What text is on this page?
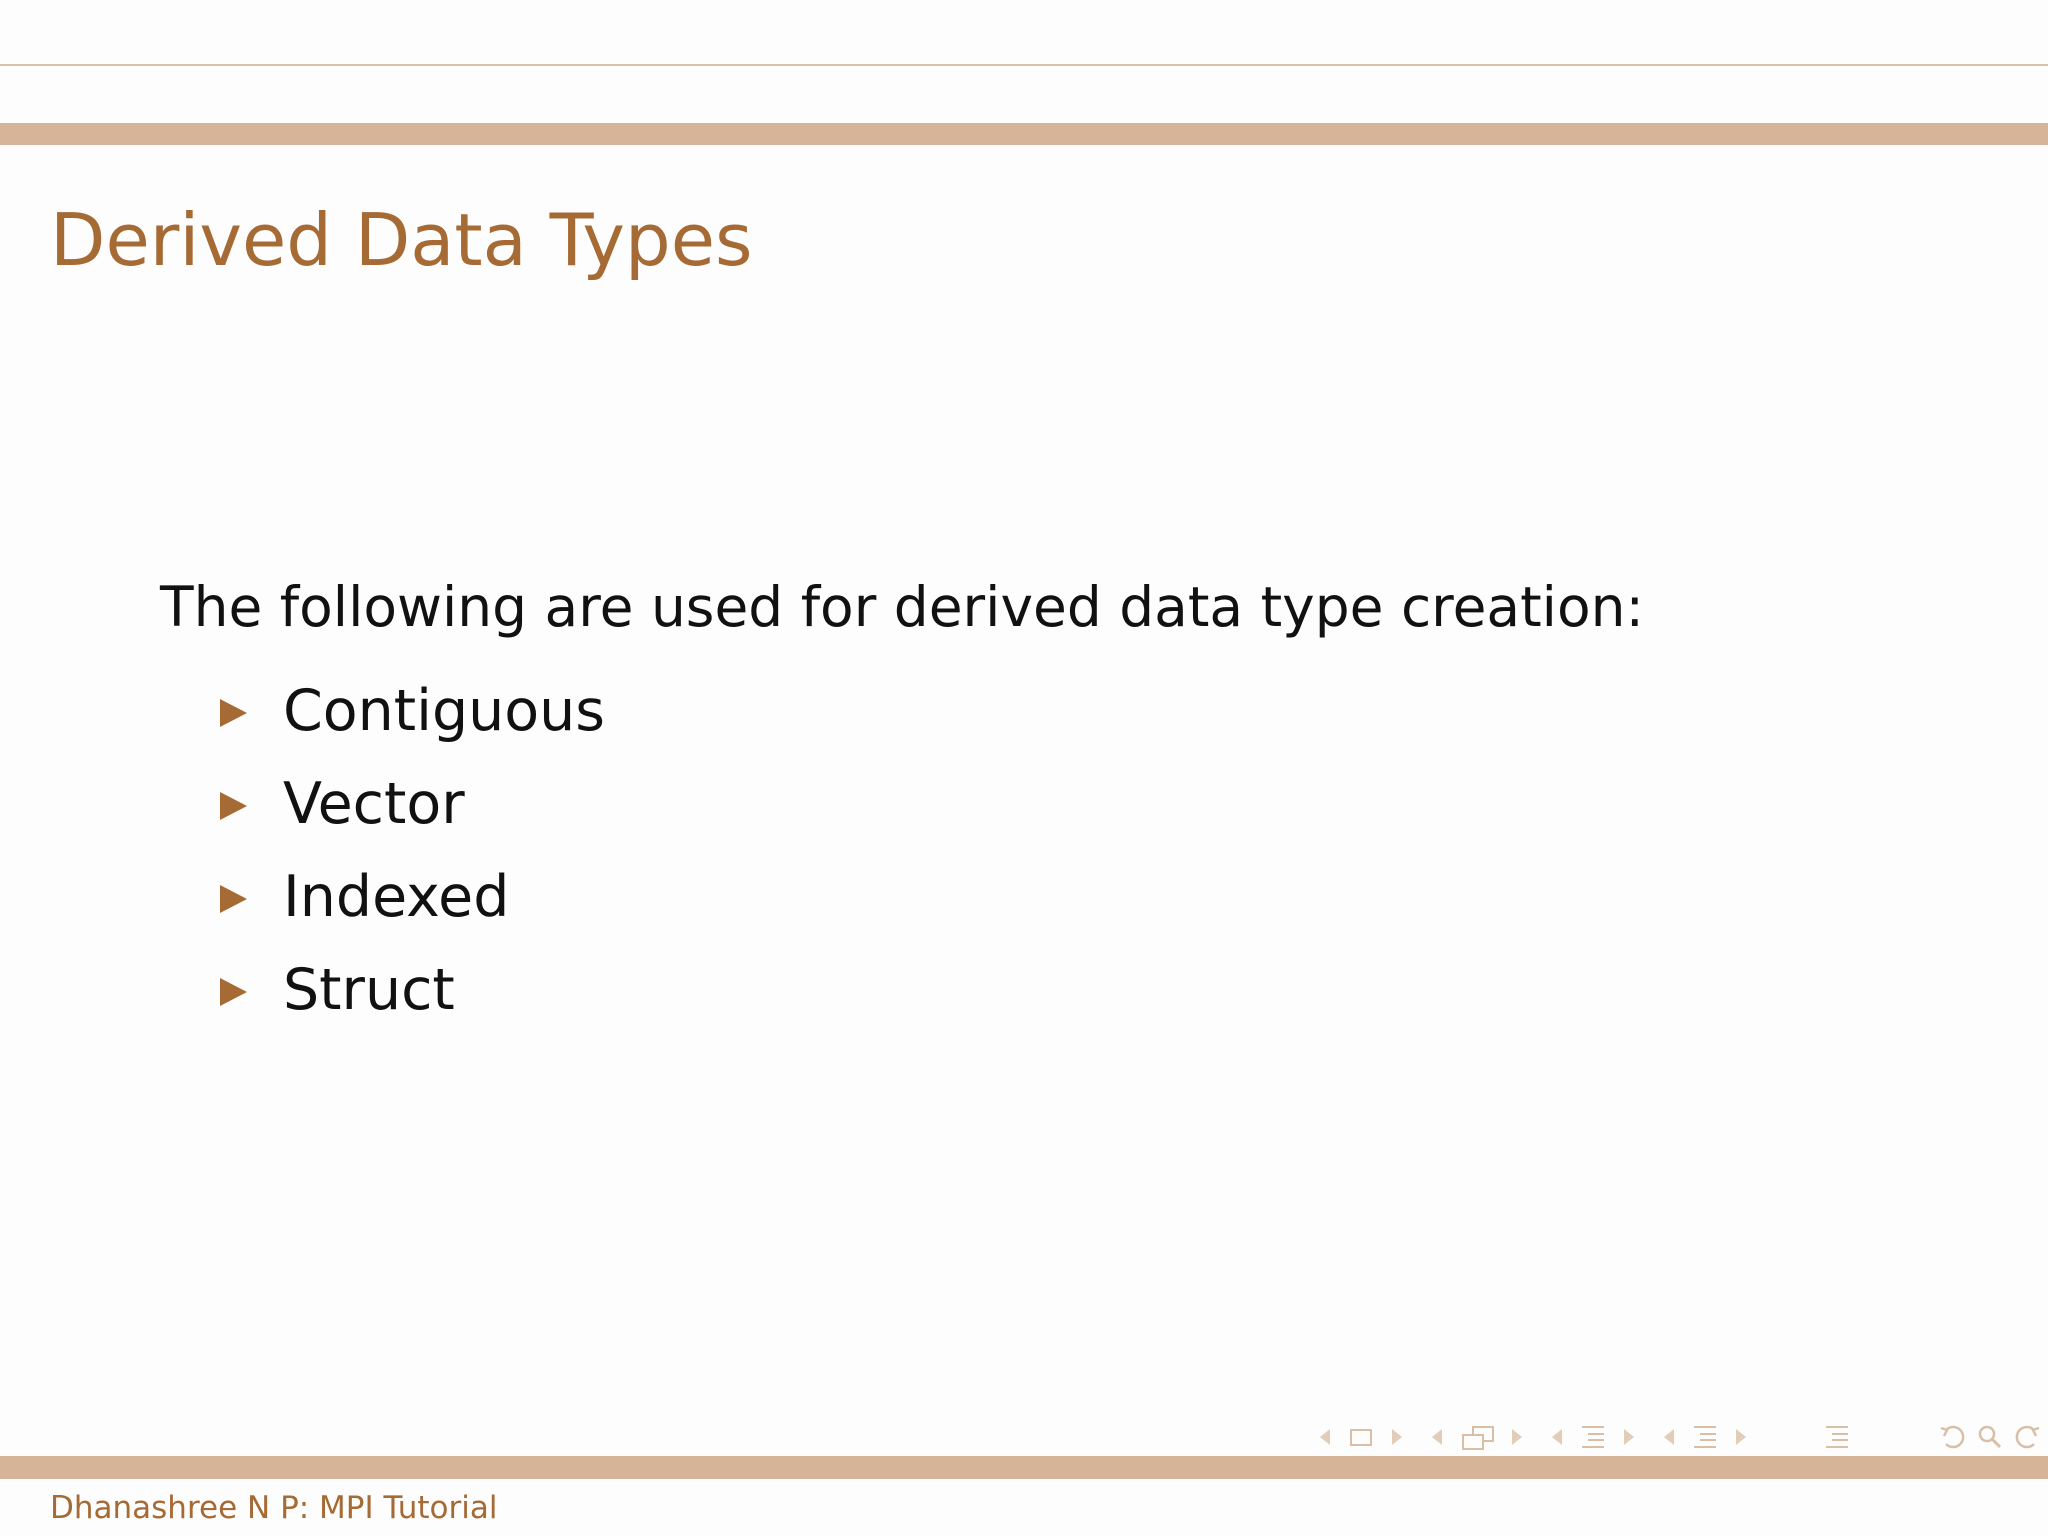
Derived Data Types

The following are used for derived data type creation:

Contiguous
Vector
Indexed
Struct
Dhanashree N P: MPI Tutorial
